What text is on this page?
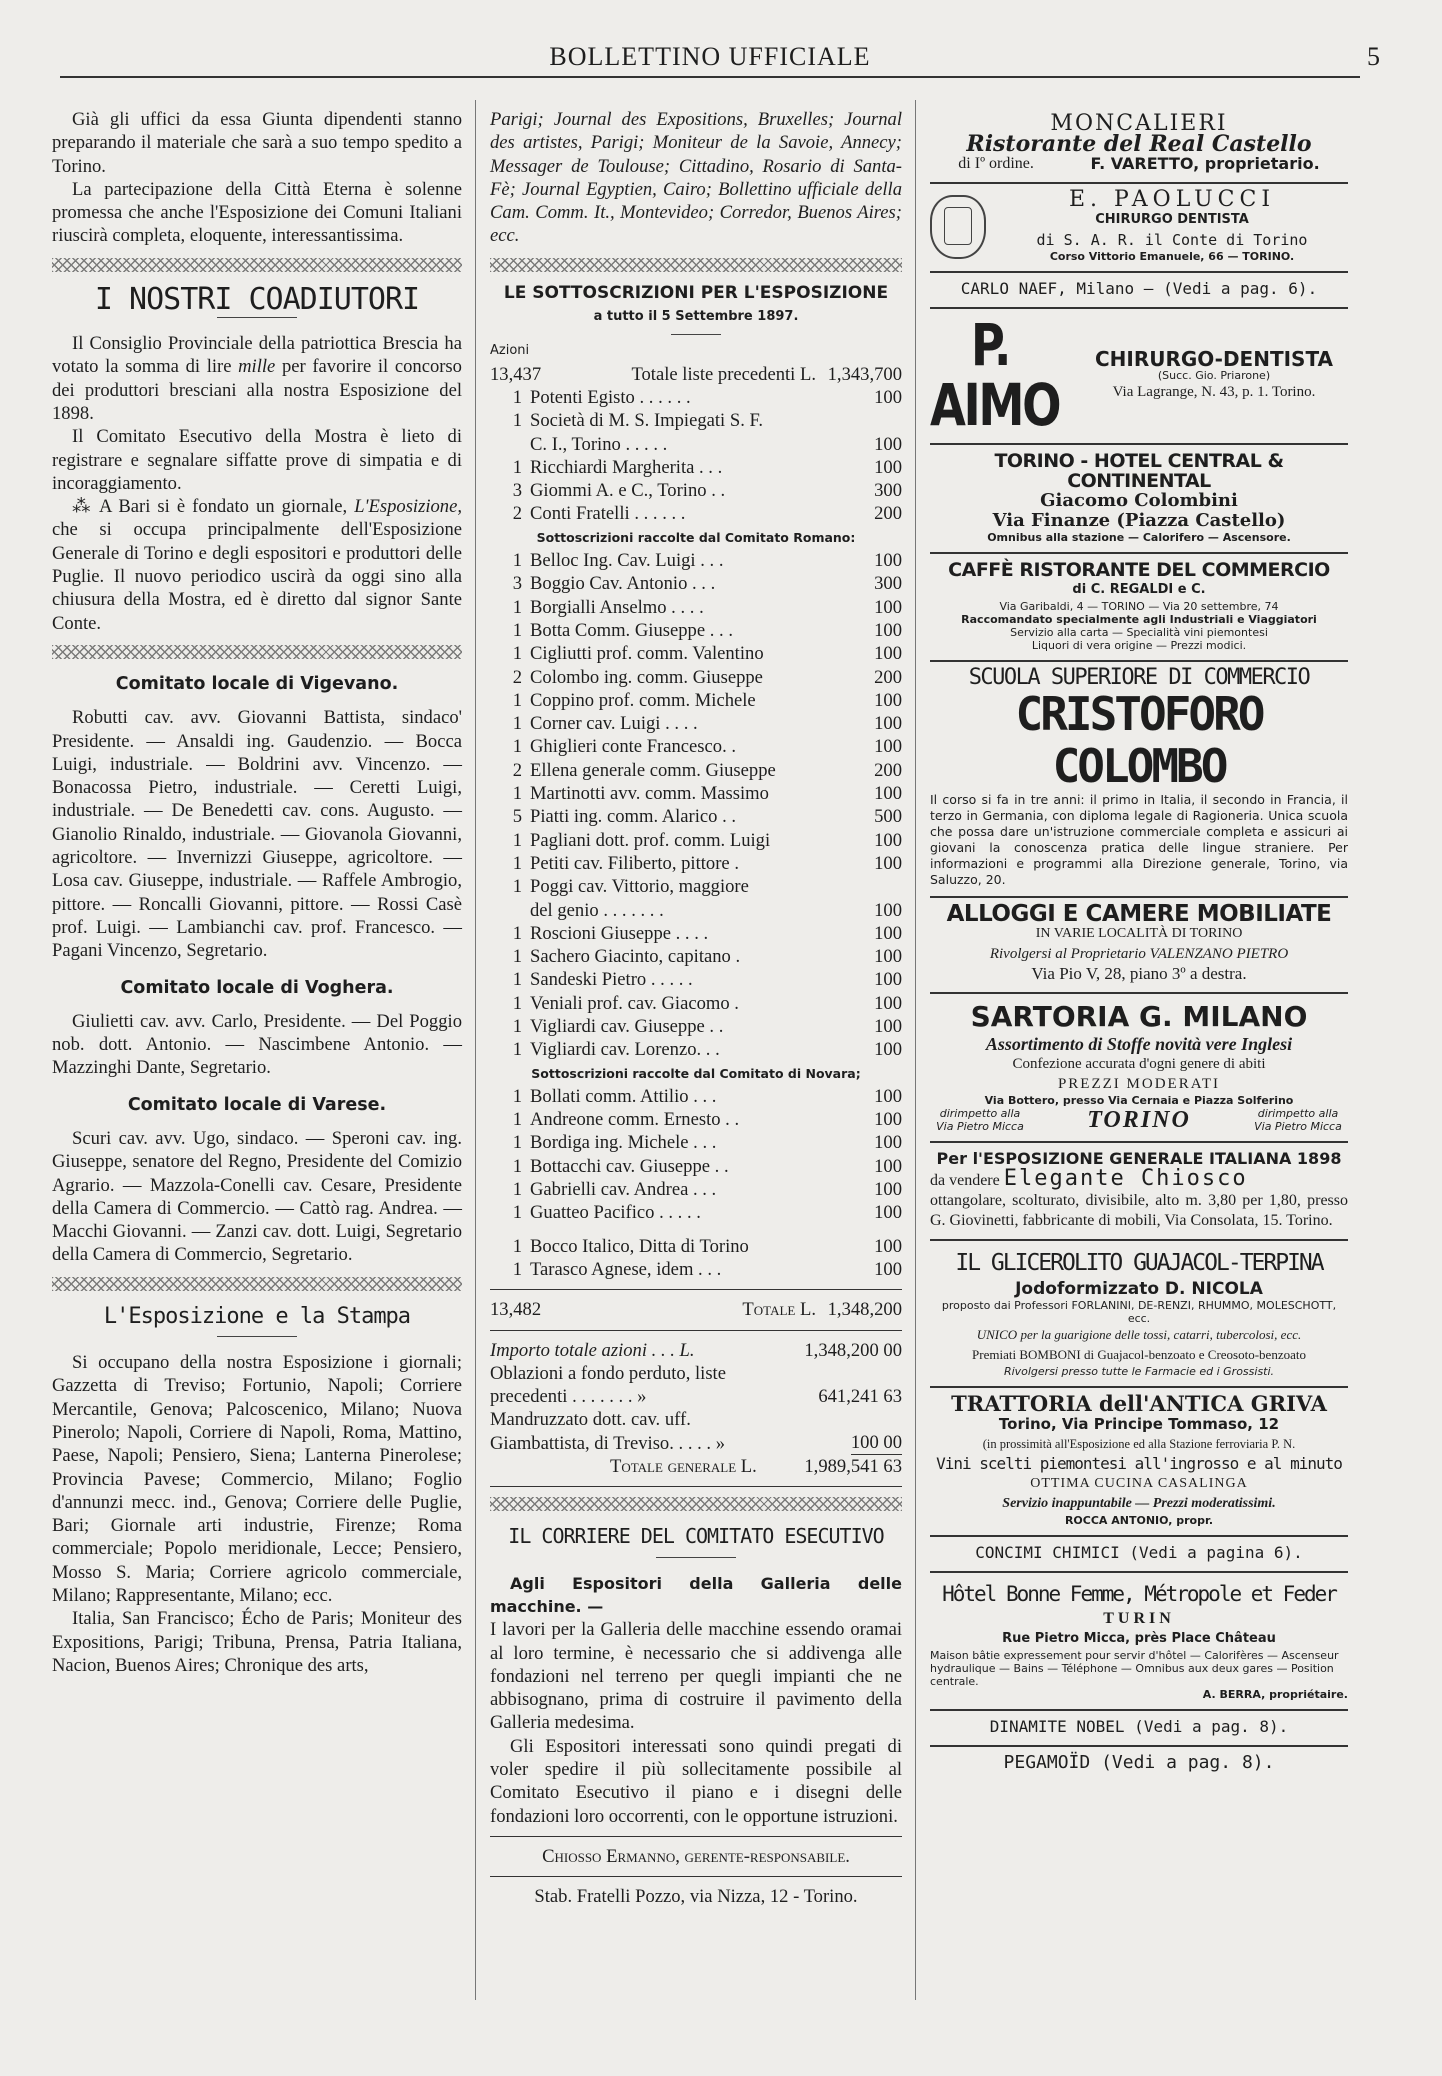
BOLLETTINO UFFICIALE	5

Già gli uffici da essa Giunta dipendenti stanno preparando il materiale che sarà a suo tempo spedito a Torino.

La partecipazione della Città Eterna è solenne promessa che anche l'Esposizione dei Comuni Italiani riuscirà completa, eloquente, interessantissima.

I NOSTRI COADIUTORI

Il Consiglio Provinciale della patriottica Brescia ha votato la somma di lire mille per favorire il concorso dei produttori bresciani alla nostra Esposizione del 1898.

Il Comitato Esecutivo della Mostra è lieto di registrare e segnalare siffatte prove di simpatia e di incoraggiamento.

⁂ A Bari si è fondato un giornale, L'Esposizione, che si occupa principalmente dell'Esposizione Generale di Torino e degli espositori e produttori delle Puglie. Il nuovo periodico uscirà da oggi sino alla chiusura della Mostra, ed è diretto dal signor Sante Conte.

Comitato locale di Vigevano.

Robutti cav. avv. Giovanni Battista, sindaco' Presidente. — Ansaldi ing. Gaudenzio. — Bocca Luigi, industriale. — Boldrini avv. Vincenzo. — Bonacossa Pietro, industriale. — Ceretti Luigi, industriale. — De Benedetti cav. cons. Augusto. — Gianolio Rinaldo, industriale. — Giovanola Giovanni, agricoltore. — Invernizzi Giuseppe, agricoltore. — Losa cav. Giuseppe, industriale. — Raffele Ambrogio, pittore. — Roncalli Giovanni, pittore. — Rossi Casè prof. Luigi. — Lambianchi cav. prof. Francesco. — Pagani Vincenzo, Segretario.

Comitato locale di Voghera.

Giulietti cav. avv. Carlo, Presidente. — Del Poggio nob. dott. Antonio. — Nascimbene Antonio. — Mazzinghi Dante, Segretario.

Comitato locale di Varese.

Scuri cav. avv. Ugo, sindaco. — Speroni cav. ing. Giuseppe, senatore del Regno, Presidente del Comizio Agrario. — Mazzola-Conelli cav. Cesare, Presidente della Camera di Commercio. — Cattò rag. Andrea. — Macchi Giovanni. — Zanzi cav. dott. Luigi, Segretario della Camera di Commercio, Segretario.

L'Esposizione e la Stampa

Si occupano della nostra Esposizione i giornali; Gazzetta di Treviso; Fortunio, Napoli; Corriere Mercantile, Genova; Palcoscenico, Milano; Nuova Pinerolo; Napoli, Corriere di Napoli, Roma, Mattino, Paese, Napoli; Pensiero, Siena; Lanterna Pinerolese; Provincia Pavese; Commercio, Milano; Foglio d'annunzi mecc. ind., Genova; Corriere delle Puglie, Bari; Giornale arti industrie, Firenze; Roma commerciale; Popolo meridionale, Lecce; Pensiero, Mosso S. Maria; Corriere agricolo commerciale, Milano; Rappresentante, Milano; ecc.

Italia, San Francisco; Écho de Paris; Moniteur des Expositions, Parigi; Tribuna, Prensa, Patria Italiana, Nacion, Buenos Aires; Chronique des arts,

Parigi; Journal des Expositions, Bruxelles; Journal des artistes, Parigi; Moniteur de la Savoie, Annecy; Messager de Toulouse; Cittadino, Rosario di Santa-Fè; Journal Egyptien, Cairo; Bollettino ufficiale della Cam. Comm. It., Montevideo; Corredor, Buenos Aires; ecc.

LE SOTTOSCRIZIONI PER L'ESPOSIZIONE
a tutto il 5 Settembre 1897.
Azioni
13,437	Totale liste precedenti L. 1,343,700
1 Potenti Egisto . . . . . .	100
1 Società di M. S. Impiegati S. F.
C. I., Torino . . . . .	100
1 Ricchiardi Margherita . . .	100
3 Giommi A. e C., Torino . .	300
2 Conti Fratelli . . . . . .	200
Sottoscrizioni raccolte dal Comitato Romano:
1 Belloc Ing. Cav. Luigi . . .	100
3 Boggio Cav. Antonio . . .	300
1 Borgialli Anselmo . . . .	100
1 Botta Comm. Giuseppe . . .	100
1 Cigliutti prof. comm. Valentino	100
2 Colombo ing. comm. Giuseppe	200
1 Coppino prof. comm. Michele	100
1 Corner cav. Luigi . . . .	100
1 Ghiglieri conte Francesco. .	100
2 Ellena generale comm. Giuseppe	200
1 Martinotti avv. comm. Massimo	100
5 Piatti ing. comm. Alarico . .	500
1 Pagliani dott. prof. comm. Luigi	100
1 Petiti cav. Filiberto, pittore .	100
1 Poggi cav. Vittorio, maggiore
del genio . . . . . . .	100
1 Roscioni Giuseppe . . . .	100
1 Sachero Giacinto, capitano .	100
1 Sandeski Pietro . . . . .	100
1 Veniali prof. cav. Giacomo .	100
1 Vigliardi cav. Giuseppe . .	100
1 Vigliardi cav. Lorenzo. . .	100
Sottoscrizioni raccolte dal Comitato di Novara;
1 Bollati comm. Attilio . . .	100
1 Andreone comm. Ernesto . .	100
1 Bordiga ing. Michele . . .	100
1 Bottacchi cav. Giuseppe . .	100
1 Gabrielli cav. Andrea . . .	100
1 Guatteo Pacifico . . . . .	100
1 Bocco Italico, Ditta di Torino	100
1 Tarasco Agnese, idem . . .	100
13,482	Totale L. 1,348,200
Importo totale azioni . . . L.	1,348,200 00
Oblazioni a fondo perduto, liste precedenti . . . . . . . »	641,241 63
Mandruzzato dott. cav. uff. Giambattista, di Treviso. . . . . »	100 00
Totale generale L.	1,989,541 63
IL CORRIERE DEL COMITATO ESECUTIVO

Agli Espositori della Galleria delle macchine. —

I lavori per la Galleria delle macchine essendo oramai al loro termine, è necessario che si addivenga alle fondazioni nel terreno per quegli impianti che ne abbisognano, prima di costruire il pavimento della Galleria medesima.

Gli Espositori interessati sono quindi pregati di voler spedire il più sollecitamente possibile al Comitato Esecutivo il piano e i disegni delle fondazioni loro occorrenti, con le opportune istruzioni.

Chiosso Ermanno, gerente-responsabile.
Stab. Fratelli Pozzo, via Nizza, 12 - Torino.
MONCALIERI
Ristorante del Real Castello
di Iº ordine.	F. VARETTO, proprietario.
E. PAOLUCCI
CHIRURGO DENTISTA
di S. A. R. il Conte di Torino
Corso Vittorio Emanuele, 66 — TORINO.
CARLO NAEF, Milano — (Vedi a pag. 6).
P. AIMO
CHIRURGO-DENTISTA
(Succ. Gio. Priarone)
Via Lagrange, N. 43, p. 1. Torino.
TORINO - HOTEL CENTRAL & CONTINENTAL
Giacomo Colombini
Via Finanze (Piazza Castello)
Omnibus alla stazione — Calorifero — Ascensore.
CAFFÈ RISTORANTE DEL COMMERCIO
di C. REGALDI e C.
Via Garibaldi, 4 — TORINO — Via 20 settembre, 74
Raccomandato specialmente agli Industriali e Viaggiatori
Servizio alla carta — Specialità vini piemontesi
Liquori di vera origine — Prezzi modici.
SCUOLA SUPERIORE DI COMMERCIO
CRISTOFORO COLOMBO

Il corso si fa in tre anni: il primo in Italia, il secondo in Francia, il terzo in Germania, con diploma legale di Ragioneria. Unica scuola che possa dare un'istruzione commerciale completa e assicuri ai giovani la conoscenza pratica delle lingue straniere. Per informazioni e programmi alla Direzione generale, Torino, via Saluzzo, 20.

ALLOGGI E CAMERE MOBILIATE
IN VARIE LOCALITÀ DI TORINO
Rivolgersi al Proprietario VALENZANO PIETRO
Via Pio V, 28, piano 3º a destra.
SARTORIA G. MILANO
Assortimento di Stoffe novità vere Inglesi
Confezione accurata d'ogni genere di abiti
PREZZI MODERATI
Via Bottero, presso Via Cernaia e Piazza Solferino
dirimpetto alla Via Pietro Micca	TORINO	dirimpetto alla Via Pietro Micca
Per l'ESPOSIZIONE GENERALE ITALIANA 1898
da vendere Elegante Chiosco

ottangolare, scolturato, divisibile, alto m. 3,80 per 1,80, presso G. Giovinetti, fabbricante di mobili, Via Consolata, 15. Torino.

IL GLICEROLITO GUAJACOL-TERPINA
Jodoformizzato D. NICOLA
proposto dai Professori FORLANINI, DE-RENZI, RHUMMO, MOLESCHOTT, ecc.
UNICO per la guarigione delle tossi, catarri, tubercolosi, ecc.
Premiati BOMBONI di Guajacol-benzoato e Creosoto-benzoato
Rivolgersi presso tutte le Farmacie ed i Grossisti.
TRATTORIA dell'ANTICA GRIVA
Torino, Via Principe Tommaso, 12
(in prossimità all'Esposizione ed alla Stazione ferroviaria P. N.
Vini scelti piemontesi all'ingrosso e al minuto
OTTIMA CUCINA CASALINGA
Servizio inappuntabile — Prezzi moderatissimi.
ROCCA ANTONIO, propr.
CONCIMI CHIMICI (Vedi a pagina 6).
Hôtel Bonne Femme, Métropole et Feder
TURIN
Rue Pietro Micca, près Place Château

Maison bâtie expressement pour servir d'hôtel — Calorifères — Ascenseur hydraulique — Bains — Téléphone — Omnibus aux deux gares — Position centrale.

A. BERRA, propriétaire.
DINAMITE NOBEL (Vedi a pag. 8).
PEGAMOÏD (Vedi a pag. 8).
